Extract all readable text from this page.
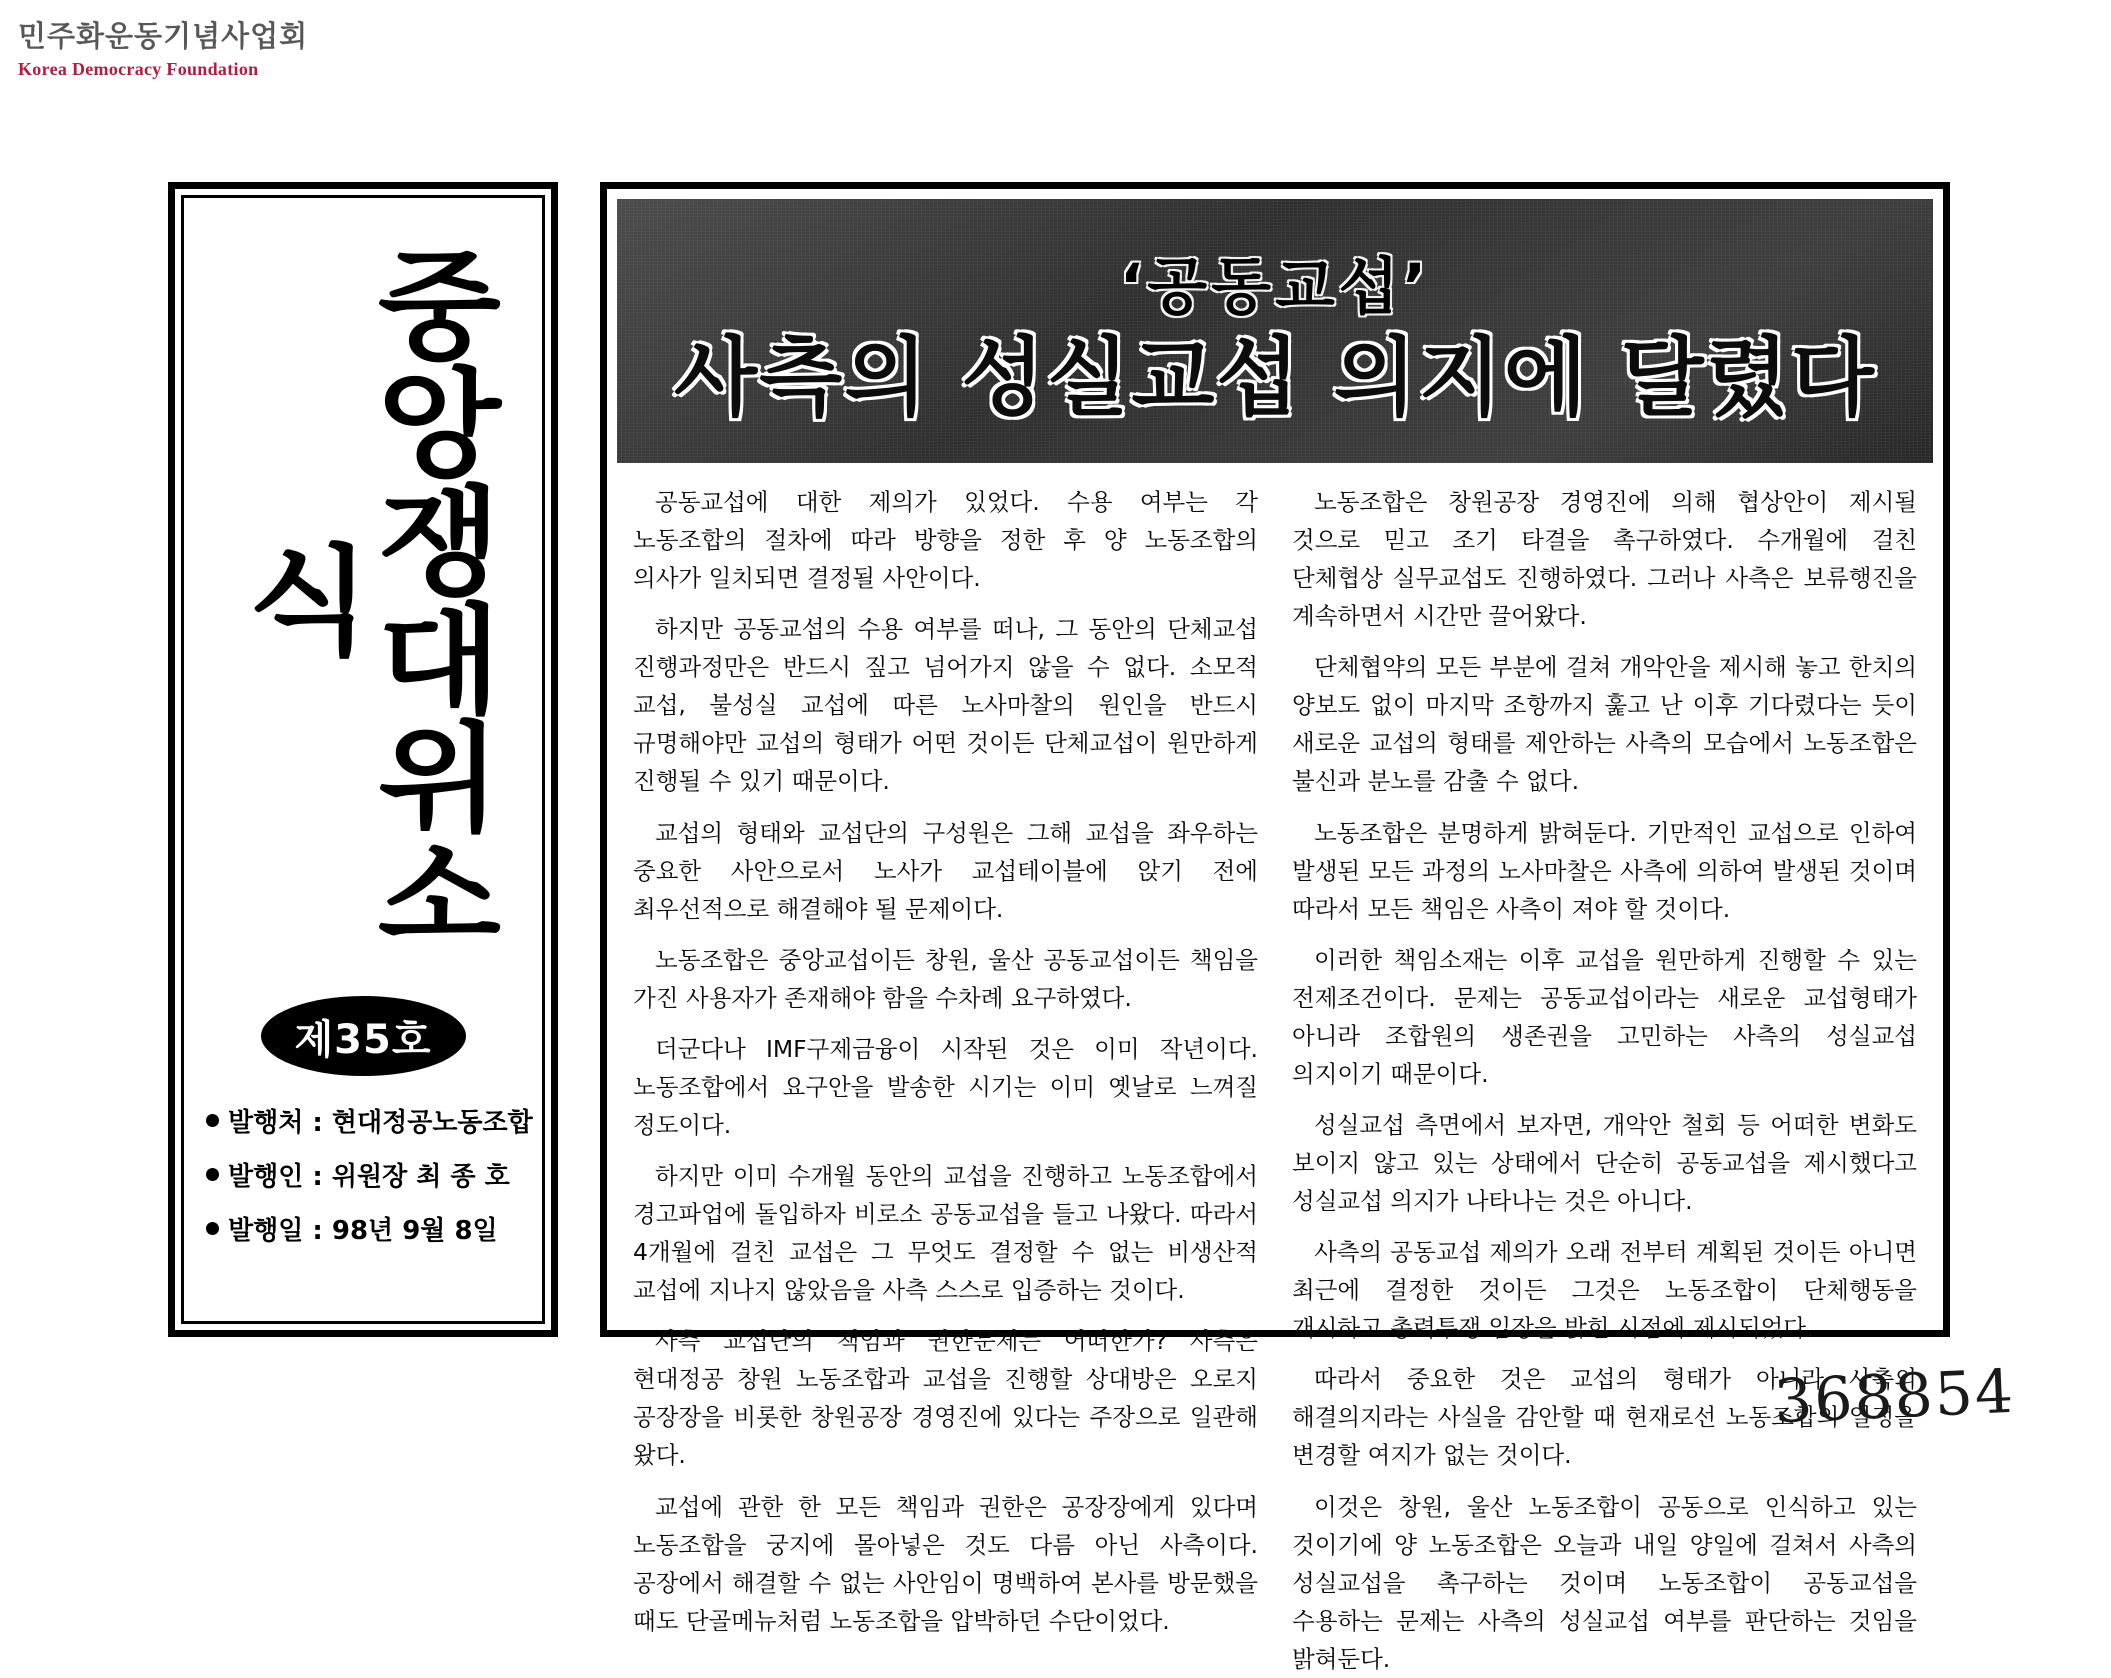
민주화운동기념사업회
Korea Democracy Foundation
중앙쟁대위소식
제35호
발행처 : 현대정공노동조합
발행인 : 위원장 최 종 호
발행일 : 98년 9월 8일
‘공동교섭’
사측의 성실교섭 의지에 달렸다

공동교섭에 대한 제의가 있었다. 수용 여부는 각 노동조합의 절차에 따라 방향을 정한 후 양 노동조합의 의사가 일치되면 결정될 사안이다.

하지만 공동교섭의 수용 여부를 떠나, 그 동안의 단체교섭 진행과정만은 반드시 짚고 넘어가지 않을 수 없다. 소모적 교섭, 불성실 교섭에 따른 노사마찰의 원인을 반드시 규명해야만 교섭의 형태가 어떤 것이든 단체교섭이 원만하게 진행될 수 있기 때문이다.

교섭의 형태와 교섭단의 구성원은 그해 교섭을 좌우하는 중요한 사안으로서 노사가 교섭테이블에 앉기 전에 최우선적으로 해결해야 될 문제이다.

노동조합은 중앙교섭이든 창원, 울산 공동교섭이든 책임을 가진 사용자가 존재해야 함을 수차례 요구하였다.

더군다나 IMF구제금융이 시작된 것은 이미 작년이다. 노동조합에서 요구안을 발송한 시기는 이미 옛날로 느껴질 정도이다.

하지만 이미 수개월 동안의 교섭을 진행하고 노동조합에서 경고파업에 돌입하자 비로소 공동교섭을 들고 나왔다. 따라서 4개월에 걸친 교섭은 그 무엇도 결정할 수 없는 비생산적 교섭에 지나지 않았음을 사측 스스로 입증하는 것이다.

사측 교섭단의 책임과 권한문제는 어떠한가? 사측은 현대정공 창원 노동조합과 교섭을 진행할 상대방은 오로지 공장장을 비롯한 창원공장 경영진에 있다는 주장으로 일관해 왔다.

교섭에 관한 한 모든 책임과 권한은 공장장에게 있다며 노동조합을 궁지에 몰아넣은 것도 다름 아닌 사측이다. 공장에서 해결할 수 없는 사안임이 명백하여 본사를 방문했을 때도 단골메뉴처럼 노동조합을 압박하던 수단이었다.

노동조합은 창원공장 경영진에 의해 협상안이 제시될 것으로 믿고 조기 타결을 촉구하였다. 수개월에 걸친 단체협상 실무교섭도 진행하였다. 그러나 사측은 보류행진을 계속하면서 시간만 끌어왔다.

단체협약의 모든 부분에 걸쳐 개악안을 제시해 놓고 한치의 양보도 없이 마지막 조항까지 훑고 난 이후 기다렸다는 듯이 새로운 교섭의 형태를 제안하는 사측의 모습에서 노동조합은 불신과 분노를 감출 수 없다.

노동조합은 분명하게 밝혀둔다. 기만적인 교섭으로 인하여 발생된 모든 과정의 노사마찰은 사측에 의하여 발생된 것이며 따라서 모든 책임은 사측이 져야 할 것이다.

이러한 책임소재는 이후 교섭을 원만하게 진행할 수 있는 전제조건이다. 문제는 공동교섭이라는 새로운 교섭형태가 아니라 조합원의 생존권을 고민하는 사측의 성실교섭 의지이기 때문이다.

성실교섭 측면에서 보자면, 개악안 철회 등 어떠한 변화도 보이지 않고 있는 상태에서 단순히 공동교섭을 제시했다고 성실교섭 의지가 나타나는 것은 아니다.

사측의 공동교섭 제의가 오래 전부터 계획된 것이든 아니면 최근에 결정한 것이든 그것은 노동조합이 단체행동을 개시하고 총력투쟁 입장을 밝힌 시점에 제시되었다.

따라서 중요한 것은 교섭의 형태가 아니라 사측의 해결의지라는 사실을 감안할 때 현재로선 노동조합의 일정을 변경할 여지가 없는 것이다.

이것은 창원, 울산 노동조합이 공동으로 인식하고 있는 것이기에 양 노동조합은 오늘과 내일 양일에 걸쳐서 사측의 성실교섭을 촉구하는 것이며 노동조합이 공동교섭을 수용하는 문제는 사측의 성실교섭 여부를 판단하는 것임을 밝혀둔다.

368854
